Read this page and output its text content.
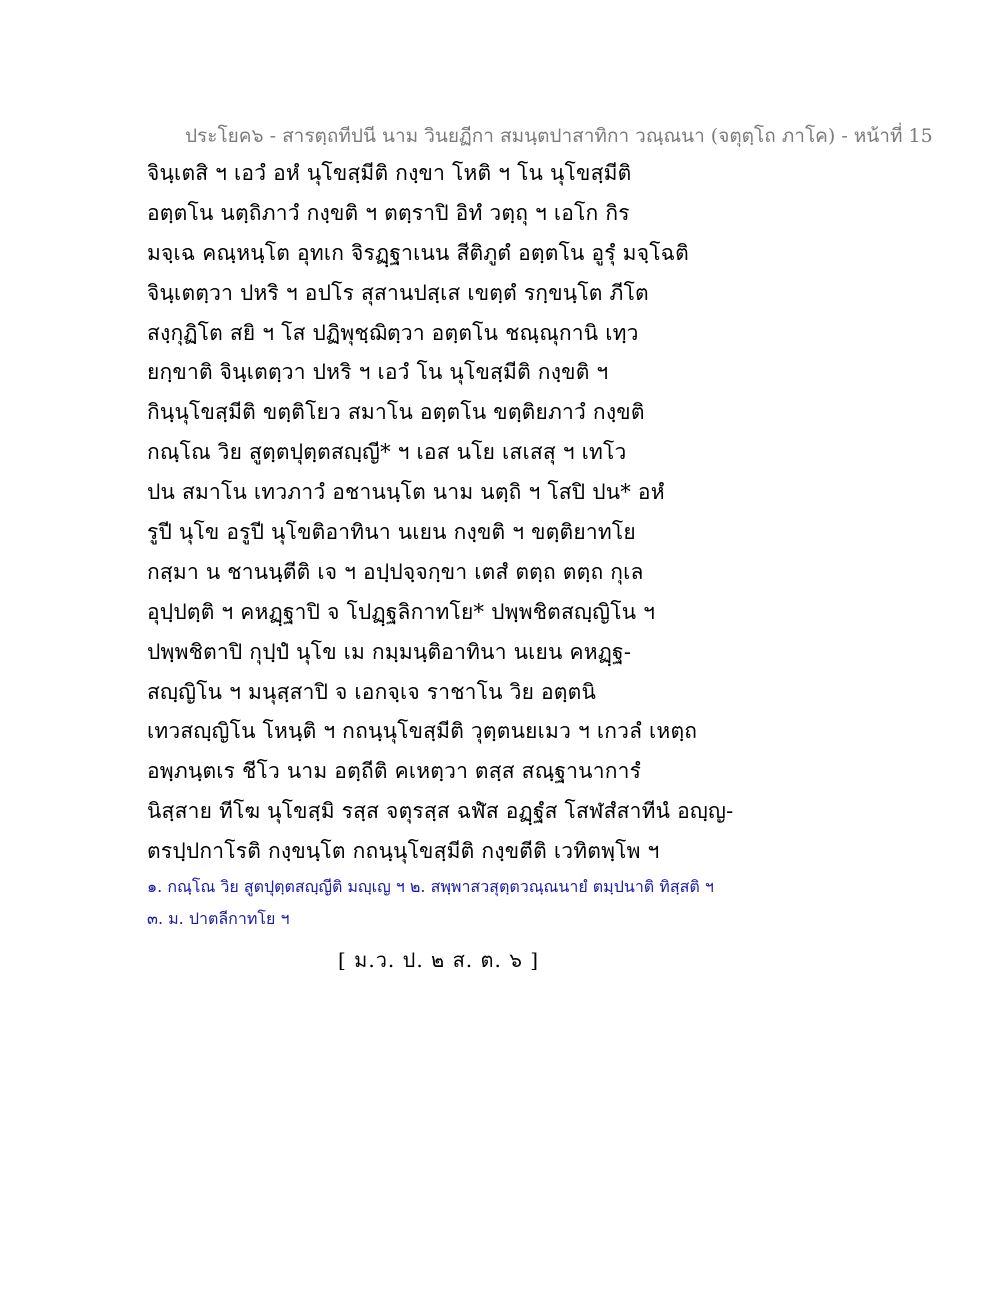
ประโยค๖ - สารตฺถทีปนี นาม วินยฏีกา สมนฺตปาสาทิกา วณฺณนา (จตุตฺโถ ภาโค) - หน้าที่ 15
จินฺเตสิ ฯ เอวํ อหํ นุโขสฺมีติ กงฺขา โหติ ฯ โน นุโขสฺมีติ
อตฺตโน นตฺถิภาวํ กงฺขติ ฯ ตตฺราปิ อิทํ วตฺถุ ฯ เอโก กิร
มจฺเฉ คณฺหนฺโต อุทเก จิรฏฺฐาเนน สีติภูตํ อตฺตโน อูรุํ มจฺโฉติ
จินฺเตตฺวา ปหริ ฯ อปโร สุสานปสฺเส เขตฺตํ รกฺขนฺโต ภีโต
สงฺกุฏิโต สยิ ฯ โส ปฏิพุชฺฌิตฺวา อตฺตโน ชณฺณุกานิ เทฺว
ยกฺขาติ จินฺเตตฺวา ปหริ ฯ เอวํ โน นุโขสฺมีติ กงฺขติ ฯ
กินฺนุโขสฺมีติ ขตฺติโยว สมาโน อตฺตโน ขตฺติยภาวํ กงฺขติ
กณฺโณ วิย สูตฺตปุตฺตสญฺญี* ฯ เอส นโย เสเสสุ ฯ เทโว
ปน สมาโน เทวภาวํ อชานนฺโต นาม นตฺถิ ฯ โสปิ ปน* อหํ
รูปี นุโข อรูปี นุโขติอาทินา นเยน กงฺขติ ฯ ขตฺติยาทโย
กสฺมา น ชานนฺตีติ เจ ฯ อปฺปจฺจกฺขา เตสํ ตตฺถ ตตฺถ กุเล
อุปฺปตฺติ ฯ คหฏฺฐาปิ จ โปฏฺฐลิกาทโย* ปพฺพชิตสญฺญิโน ฯ
ปพฺพชิตาปิ กุปฺปํ นุโข เม กมฺมนฺติอาทินา นเยน คหฏฺฐ-
สญฺญิโน ฯ มนุสฺสาปิ จ เอกจฺเจ ราชาโน วิย อตฺตนิ
เทวสญฺญิโน โหนฺติ ฯ กถนฺนุโขสฺมีติ วุตฺตนยเมว ฯ เกวลํ เหตฺถ
อพฺภนฺตเร ชีโว นาม อตฺถีติ คเหตฺวา ตสฺส สณฺฐานาการํ
นิสฺสาย ทีโฆ นุโขสฺมิ รสฺส จตุรสฺส ฉฬํส อฏฺฐํส โสฬสํสาทีนํ อญฺญ-
ตรปฺปกาโรติ กงฺขนฺโต กถนฺนุโขสฺมีติ กงฺขตีติ เวทิตพฺโพ ฯ
๑. กณฺโณ วิย สูตปุตฺตสญฺญีติ มญฺเญ ฯ ๒. สพฺพาสวสุตฺตวณฺณนายํ ตมฺปนาติ ทิสฺสติ ฯ
๓. ม. ปาตลีกาทโย ฯ
[ ม.ว. ป. ๒ ส. ต. ๖ ]
